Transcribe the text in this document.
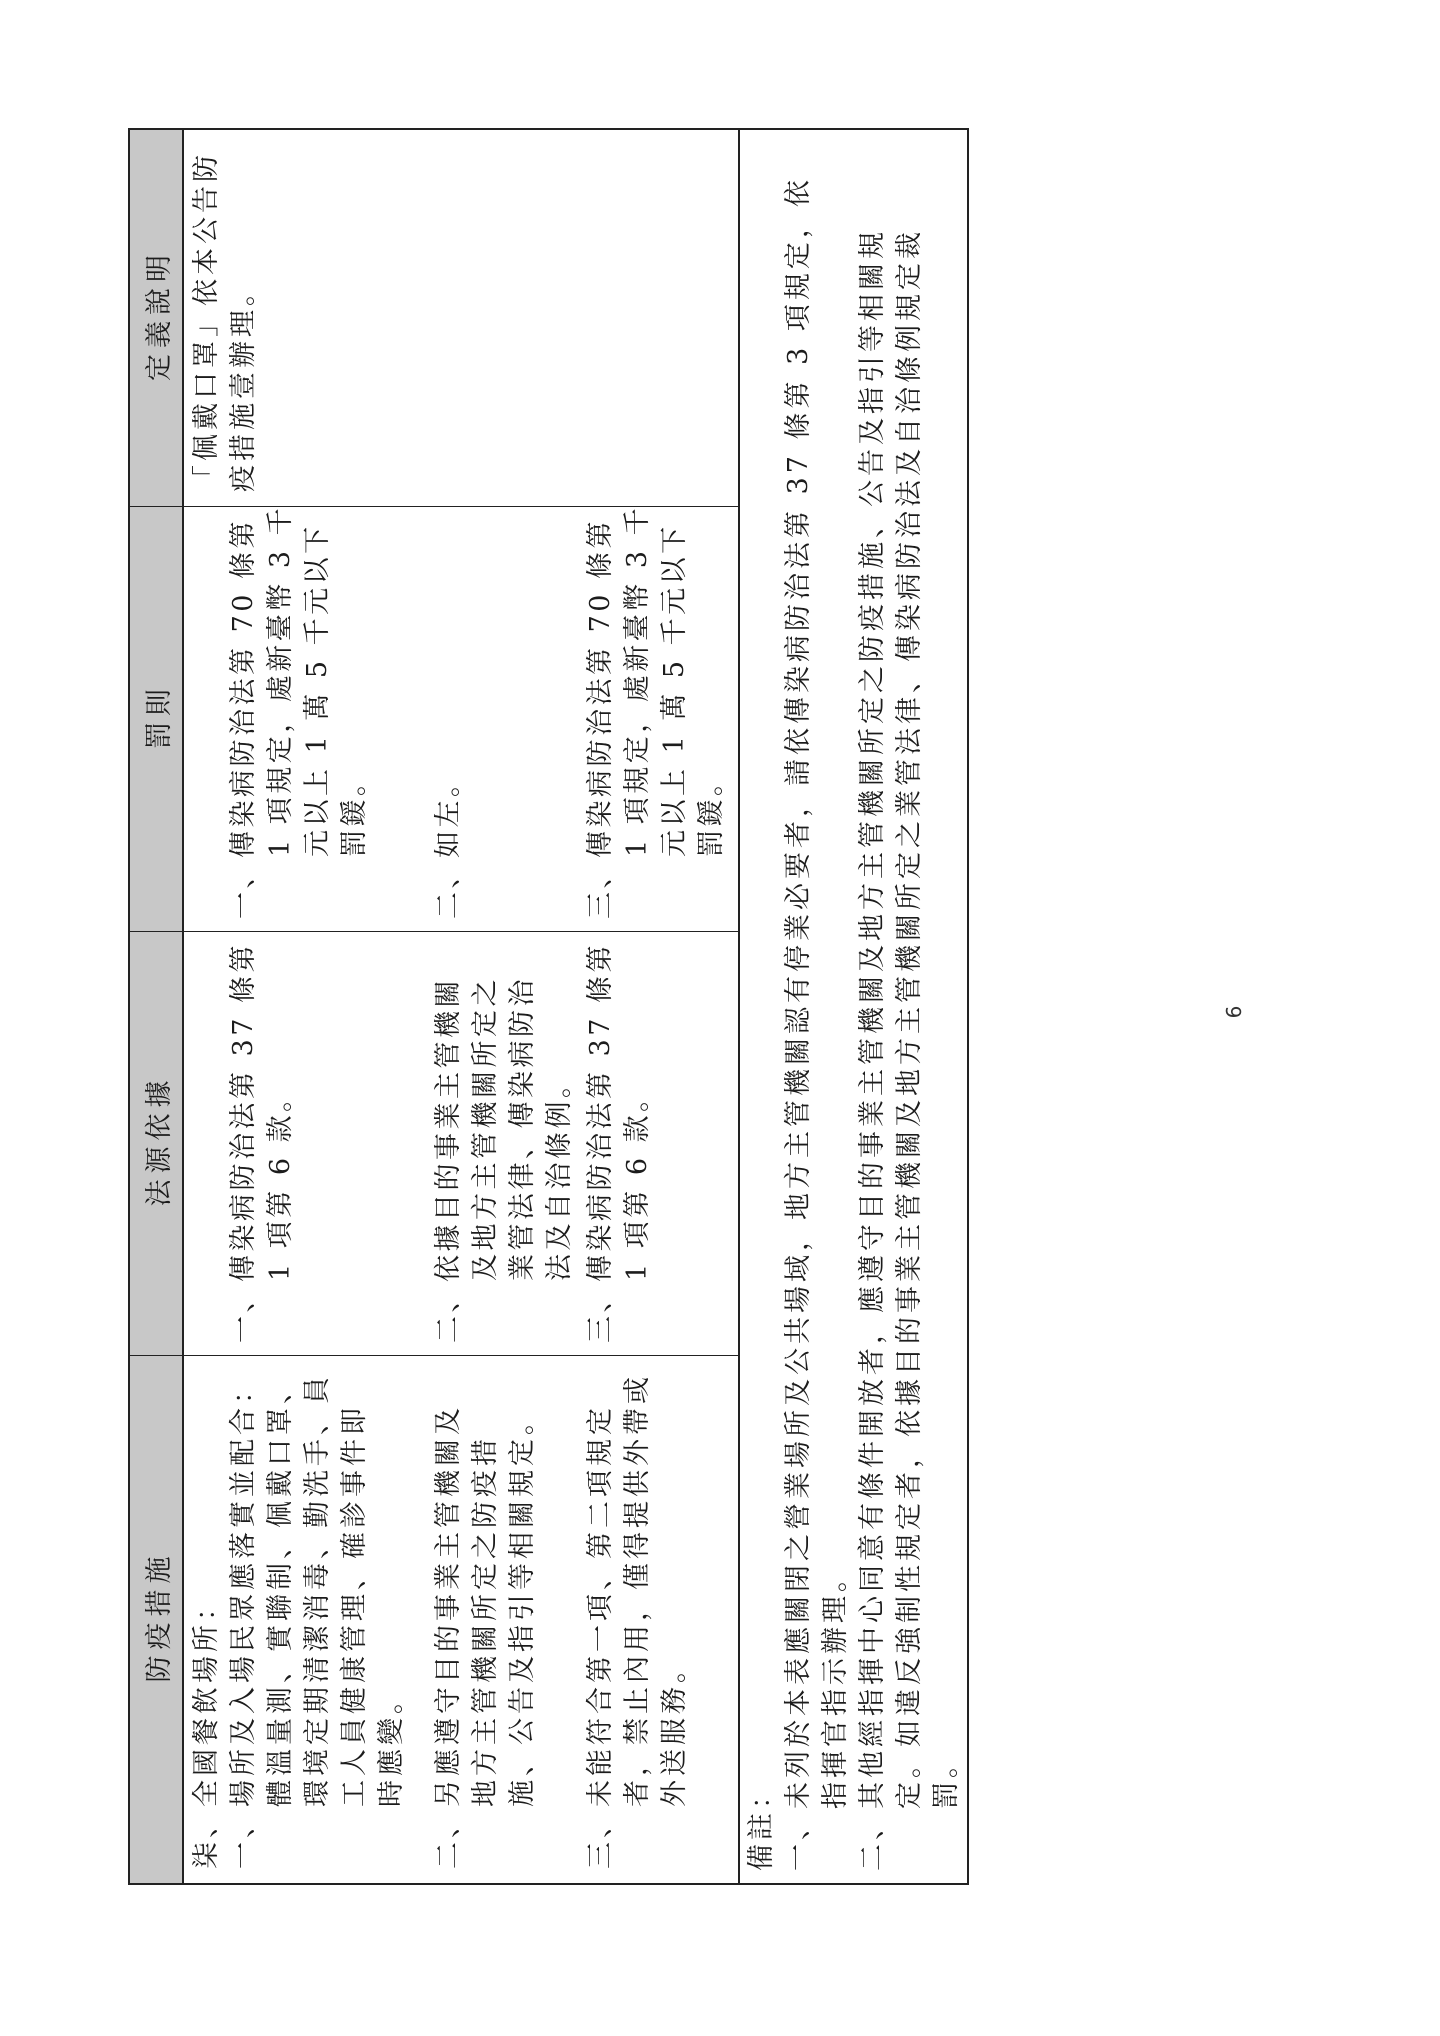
防疫措施
法源依據
罰則
定義說明
柒、全國餐飲場所：
「佩戴口罩」依本公告防 疫措施壹辦理。
一、場所及入場民眾應落實並配合： 體溫量測、實聯制、佩戴口罩、 環境定期清潔消毒、勤洗手、員 工人員健康管理、確診事件即 時應變。
一、傳染病防治法第 37 條第 1 項第 6 款。
一、傳染病防治法第 70 條第 1 項規定，處新臺幣 3 千 元以上 1 萬 5 千元以下 罰鍰。
二、另應遵守目的事業主管機關及 地方主管機關所定之防疫措 施、公告及指引等相關規定。
二、依據目的事業主管機關 及地方主管機關所定之 業管法律、傳染病防治 法及自治條例。
二、如左。
三、未能符合第一項、第二項規定 者，禁止內用，僅得提供外帶或 外送服務。
三、傳染病防治法第 37 條第 1 項第 6 款。
三、傳染病防治法第 70 條第 1 項規定，處新臺幣 3 千 元以上 1 萬 5 千元以下 罰鍰。
備註： 一、未列於本表應關閉之營業場所及公共場域，地方主管機關認有停業必要者，請依傳染病防治法第 37 條第 3 項規定，依 指揮官指示辦理。 二、其他經指揮中心同意有條件開放者，應遵守目的事業主管機關及地方主管機關所定之防疫措施、公告及指引等相關規 定。如違反強制性規定者，依據目的事業主管機關及地方主管機關所定之業管法律、傳染病防治法及自治條例規定裁 罰。
6
